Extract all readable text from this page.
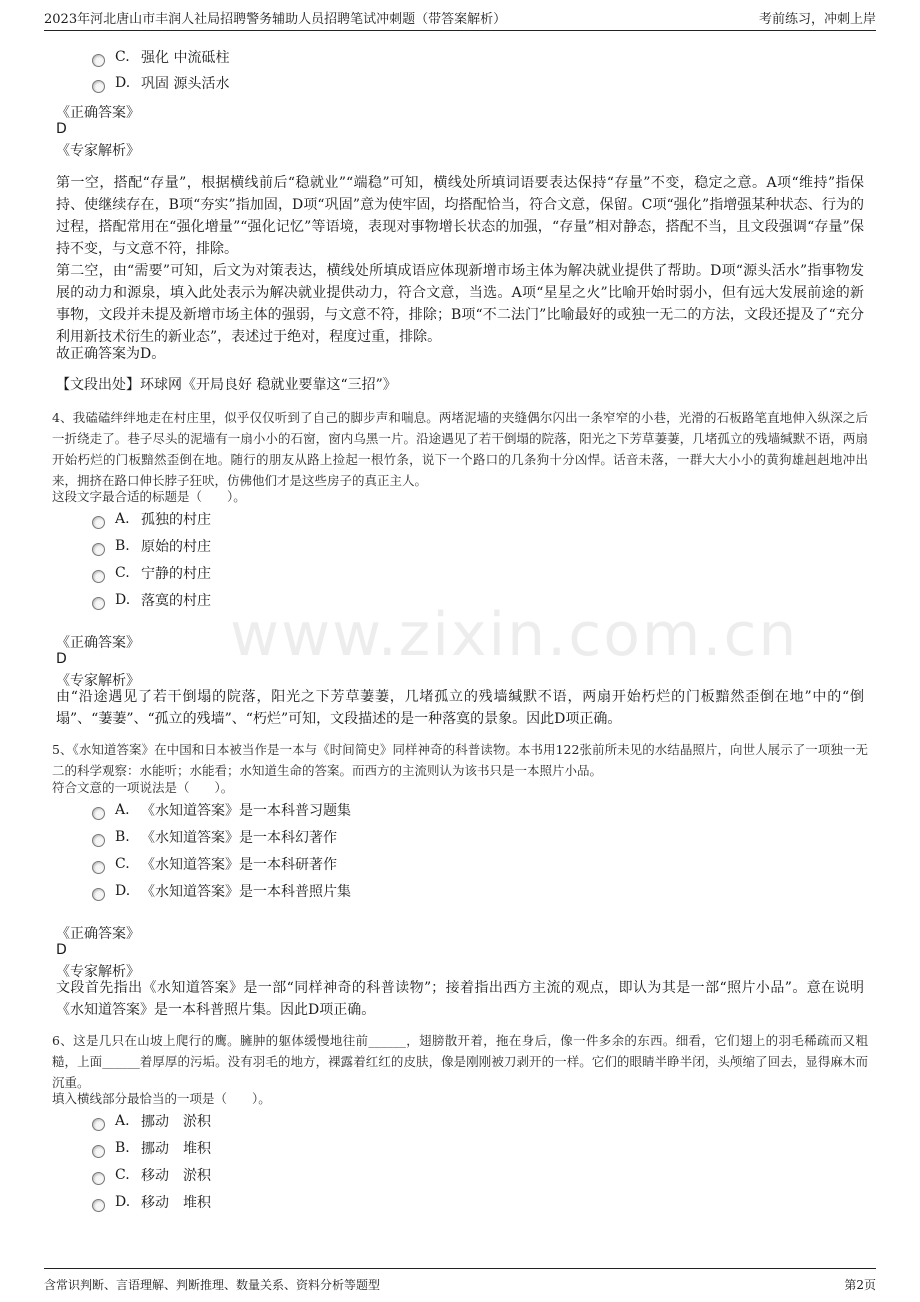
2023年河北唐山市丰润人社局招聘警务辅助人员招聘笔试冲刺题（带答案解析）	考前练习，冲刺上岸
www.zixin.com.cn
C. 强化 中流砥柱
D. 巩固 源头活水
《正确答案》
D
《专家解析》
第一空，搭配“存量”，根据横线前后“稳就业”“端稳”可知，横线处所填词语要表达保持“存量”不变，稳定之意。A项“维持”指保持、使继续存在，B项“夯实”指加固，D项“巩固”意为使牢固，均搭配恰当，符合文意，保留。C项“强化”指增强某种状态、行为的过程，搭配常用在“强化增量”“强化记忆”等语境，表现对事物增长状态的加强，“存量”相对静态，搭配不当，且文段强调“存量”保持不变，与文意不符，排除。
第二空，由“需要”可知，后文为对策表达，横线处所填成语应体现新增市场主体为解决就业提供了帮助。D项“源头活水”指事物发展的动力和源泉，填入此处表示为解决就业提供动力，符合文意，当选。A项“星星之火”比喻开始时弱小，但有远大发展前途的新事物，文段并未提及新增市场主体的强弱，与文意不符，排除；B项“不二法门”比喻最好的或独一无二的方法，文段还提及了“充分利用新技术衍生的新业态”，表述过于绝对，程度过重，排除。
故正确答案为D。
【文段出处】环球网《开局良好 稳就业要靠这“三招”》
4、我磕磕绊绊地走在村庄里，似乎仅仅听到了自己的脚步声和喘息。两堵泥墙的夹缝偶尔闪出一条窄窄的小巷，光滑的石板路笔直地伸入纵深之后一折绕走了。巷子尽头的泥墙有一扇小小的石窗，窗内乌黑一片。沿途遇见了若干倒塌的院落，阳光之下芳草萋萋，几堵孤立的残墙缄默不语，两扇开始朽烂的门板黯然歪倒在地。随行的朋友从路上捡起一根竹条，说下一个路口的几条狗十分凶悍。话音未落，一群大大小小的黄狗雄赳赳地冲出来，拥挤在路口伸长脖子狂吠，仿佛他们才是这些房子的真正主人。
这段文字最合适的标题是（　　）。
A. 孤独的村庄
B. 原始的村庄
C. 宁静的村庄
D. 落寞的村庄
《正确答案》
D
《专家解析》
由“沿途遇见了若干倒塌的院落，阳光之下芳草萋萋，几堵孤立的残墙缄默不语，两扇开始朽烂的门板黯然歪倒在地”中的“倒塌”、“萋萋”、“孤立的残墙”、“朽烂”可知，文段描述的是一种落寞的景象。因此D项正确。
5、《水知道答案》在中国和日本被当作是一本与《时间简史》同样神奇的科普读物。本书用122张前所未见的水结晶照片，向世人展示了一项独一无二的科学观察：水能听；水能看；水知道生命的答案。而西方的主流则认为该书只是一本照片小品。
符合文意的一项说法是（　　）。
A. 《水知道答案》是一本科普习题集
B. 《水知道答案》是一本科幻著作
C. 《水知道答案》是一本科研著作
D. 《水知道答案》是一本科普照片集
《正确答案》
D
《专家解析》
文段首先指出《水知道答案》是一部“同样神奇的科普读物”；接着指出西方主流的观点，即认为其是一部“照片小品”。意在说明《水知道答案》是一本科普照片集。因此D项正确。
6、这是几只在山坡上爬行的鹰。臃肿的躯体缓慢地往前______，翅膀散开着，拖在身后，像一件多余的东西。细看，它们翅上的羽毛稀疏而又粗糙，上面______着厚厚的污垢。没有羽毛的地方，裸露着红红的皮肤，像是刚刚被刀剥开的一样。它们的眼睛半睁半闭，头颅缩了回去，显得麻木而沉重。
填入横线部分最恰当的一项是（　　）。
A. 挪动　淤积
B. 挪动　堆积
C. 移动　淤积
D. 移动　堆积
含常识判断、言语理解、判断推理、数量关系、资料分析等题型	第2页
